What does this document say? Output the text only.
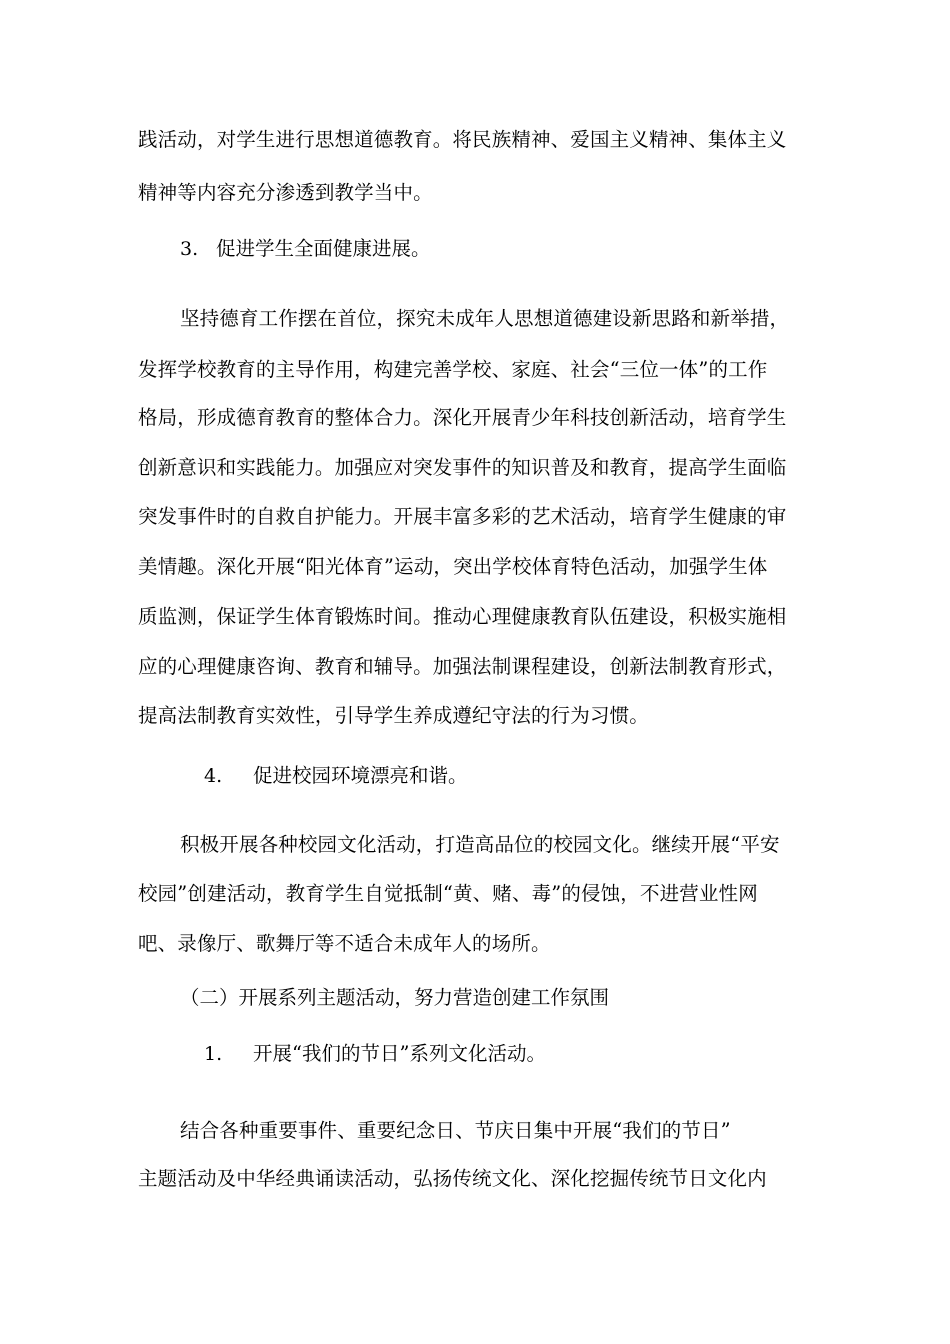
践活动，对学生进行思想道德教育。将民族精神、爱国主义精神、集体主义
精神等内容充分渗透到教学当中。
3. 促进学生全面健康进展。
坚持德育工作摆在首位，探究未成年人思想道德建设新思路和新举措，
发挥学校教育的主导作用，构建完善学校、家庭、社会“三位一体”的工作
格局，形成德育教育的整体合力。深化开展青少年科技创新活动，培育学生
创新意识和实践能力。加强应对突发事件的知识普及和教育，提高学生面临
突发事件时的自救自护能力。开展丰富多彩的艺术活动，培育学生健康的审
美情趣。深化开展“阳光体育”运动，突出学校体育特色活动，加强学生体
质监测，保证学生体育锻炼时间。推动心理健康教育队伍建设，积极实施相
应的心理健康咨询、教育和辅导。加强法制课程建设，创新法制教育形式，
提高法制教育实效性，引导学生养成遵纪守法的行为习惯。
4. 促进校园环境漂亮和谐。
积极开展各种校园文化活动，打造高品位的校园文化。继续开展“平安
校园”创建活动，教育学生自觉抵制“黄、赌、毒”的侵蚀，不进营业性网
吧、录像厅、歌舞厅等不适合未成年人的场所。
（二）开展系列主题活动，努力营造创建工作氛围
1. 开展“我们的节日”系列文化活动。
结合各种重要事件、重要纪念日、节庆日集中开展“我们的节日”
主题活动及中华经典诵读活动，弘扬传统文化、深化挖掘传统节日文化内
